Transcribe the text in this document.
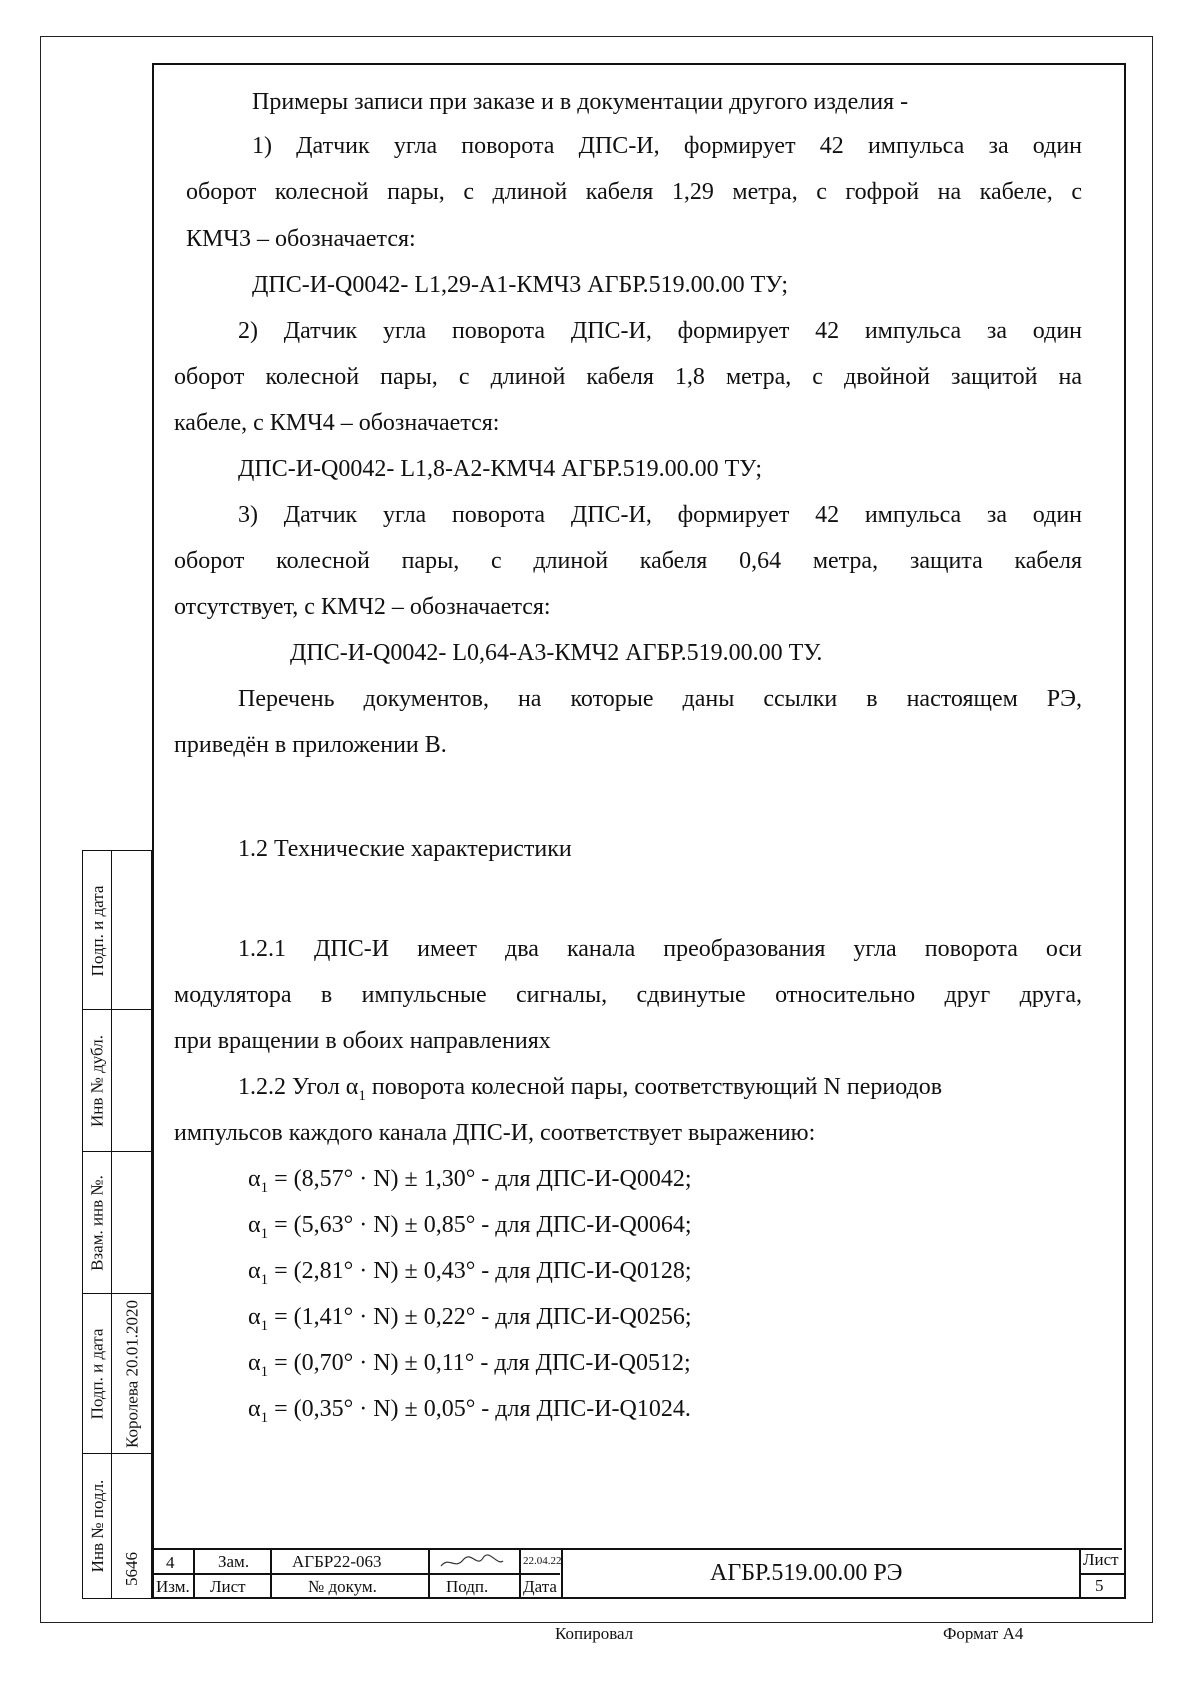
Примеры записи при заказе и в документации другого изделия -
1) Датчик угла поворота ДПС-И, формирует 42 импульса за один
оборот колесной пары, с длиной кабеля 1,29 метра, с гофрой на кабеле, с
КМЧ3 – обозначается:
ДПС-И-Q0042- L1,29-А1-КМЧ3 АГБР.519.00.00 ТУ;
2) Датчик угла поворота ДПС-И, формирует 42 импульса за один
оборот колесной пары, с длиной кабеля 1,8 метра, с двойной защитой на
кабеле, с КМЧ4 – обозначается:
ДПС-И-Q0042- L1,8-А2-КМЧ4 АГБР.519.00.00 ТУ;
3) Датчик угла поворота ДПС-И, формирует 42 импульса за один
оборот колесной пары, с длиной кабеля 0,64 метра, защита кабеля
отсутствует, с КМЧ2 – обозначается:
ДПС-И-Q0042- L0,64-А3-КМЧ2 АГБР.519.00.00 ТУ.
Перечень документов, на которые даны ссылки в настоящем РЭ,
приведён в приложении В.
1.2 Технические характеристики
1.2.1 ДПС-И имеет два канала преобразования угла поворота оси
модулятора в импульсные сигналы, сдвинутые относительно друг друга,
при вращении в обоих направлениях
1.2.2 Угол $\alpha_1$ поворота колесной пары, соответствующий N периодов
импульсов каждого канала ДПС-И, соответствует выражению:
$\alpha_1 = (8,57^\circ \cdot N) \pm 1,30^\circ$ - для ДПС-И-Q0042;
$\alpha_1 = (5,63^\circ \cdot N) \pm 0,85^\circ$ - для ДПС-И-Q0064;
$\alpha_1 = (2,81^\circ \cdot N) \pm 0,43^\circ$ - для ДПС-И-Q0128;
$\alpha_1 = (1,41^\circ \cdot N) \pm 0,22^\circ$ - для ДПС-И-Q0256;
$\alpha_1 = (0,70^\circ \cdot N) \pm 0,11^\circ$ - для ДПС-И-Q0512;
$\alpha_1 = (0,35^\circ \cdot N) \pm 0,05^\circ$ - для ДПС-И-Q1024.
Подп. и дата
Инв № дубл.
Взам. инв №.
Подп. и дата Королева 20.01.2020
Инв № подл. 5646 4	Зам.	АГБР22-063	22.04.22
Изм. Лист	№ докум.	Подп. Дата
АГБР.519.00.00 РЭ
Лист
5
Копировал	Формат А4
